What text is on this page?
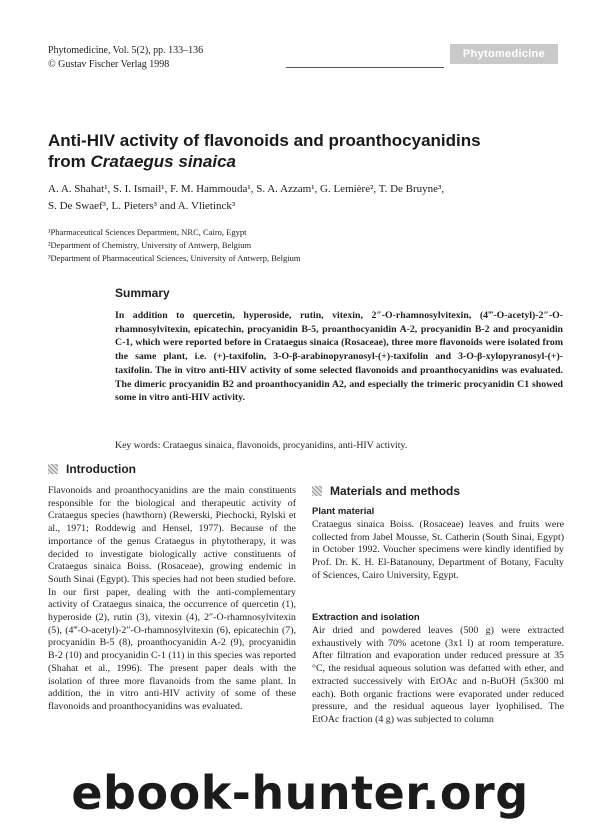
Phytomedicine, Vol. 5(2), pp. 133–136
© Gustav Fischer Verlag 1998
Phytomedicine
Anti-HIV activity of flavonoids and proanthocyanidins
from Crataegus sinaica
A. A. Shahat¹, S. I. Ismail¹, F. M. Hammouda¹, S. A. Azzam¹, G. Lemière², T. De Bruyne³,
S. De Swaef³, L. Pieters³ and A. Vlietinck³
¹Pharmaceutical Sciences Department, NRC, Cairo, Egypt
²Department of Chemistry, University of Antwerp, Belgium
³Department of Pharmaceutical Sciences, University of Antwerp, Belgium
Summary
In addition to quercetin, hyperoside, rutin, vitexin, 2″-O-rhamnosylvitexin, (4‴-O-acetyl)-2″-O-rhamnosylvitexin, epicatechin, procyanidin B-5, proanthocyanidin A-2, procyanidin B-2 and procyanidin C-1, which were reported before in Crataegus sinaica (Rosaceae), three more flavonoids were isolated from the same plant, i.e. (+)-taxifolin, 3-O-β-arabinopyranosyl-(+)-taxifolin and 3-O-β-xylopyranosyl-(+)-taxifolin. The in vitro anti-HIV activity of some selected flavonoids and proanthocyanidins was evaluated. The dimeric procyanidin B2 and proanthocyanidin A2, and especially the trimeric procyanidin C1 showed some in vitro anti-HIV activity.
Key words: Crataegus sinaica, flavonoids, procyanidins, anti-HIV activity.
Introduction
Flavonoids and proanthocyanidins are the main constituents responsible for the biological and therapeutic activity of Crataegus species (hawthorn) (Rewerski, Piechocki, Rylski et al., 1971; Roddewig and Hensel, 1977). Because of the importance of the genus Crataegus in phytotherapy, it was decided to investigate biologically active constituents of Crataegus sinaica Boiss. (Rosaceae), growing endemic in South Sinai (Egypt). This species had not been studied before. In our first paper, dealing with the anti-complementary activity of Crataegus sinaica, the occurrence of quercetin (1), hyperoside (2), rutin (3), vitexin (4), 2″-O-rhamnosylvitexin (5), (4‴-O-acetyl)-2″-O-rhamnosylvitexin (6), epicatechin (7), procyanidin B-5 (8), proanthocyanidin A-2 (9), procyanidin B-2 (10) and procyanidin C-1 (11) in this species was reported (Shahat et al., 1996). The present paper deals with the isolation of three more flavanoids from the same plant. In addition, the in vitro anti-HIV activity of some of these flavonoids and proanthocyanidins was evaluated.
Materials and methods
Plant material
Crataegus sinaica Boiss. (Rosaceae) leaves and fruits were collected from Jabel Mousse, St. Catherin (South Sinai, Egypt) in October 1992. Voucher specimens were kindly identified by Prof. Dr. K. H. El-Batanouny, Department of Botany, Faculty of Sciences, Cairo University, Egypt.
Extraction and isolation
Air dried and powdered leaves (500 g) were extracted exhaustively with 70% acetone (3x1 l) at room temperature. After filtration and evaporation under reduced pressure at 35 °C, the residual aqueous solution was defatted with ether, and extracted successively with EtOAc and n-BuOH (5x300 ml each). Both organic fractions were evaporated under reduced pressure, and the residual aqueous layer lyophilised. The EtOAc fraction (4 g) was subjected to column
ebook-hunter.org
